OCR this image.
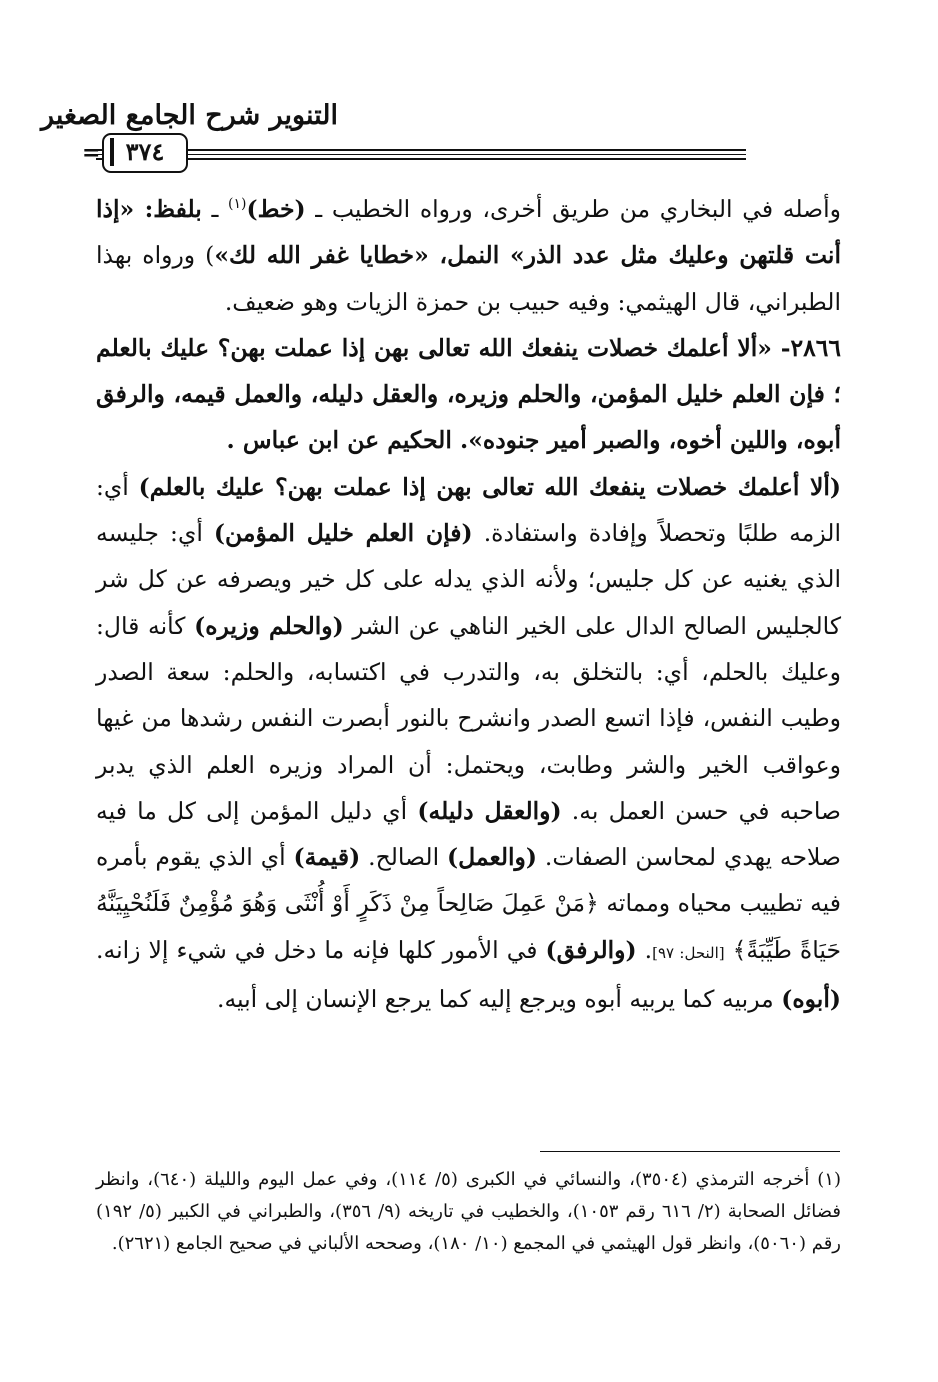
التنوير شرح الجامع الصغير
=	٣٧٤

وأصله في البخاري من طريق أخرى، ورواه الخطيب ـ (خط)$^{(١)}$ ـ بلفظ: «إذا أنت قلتهن وعليك مثل عدد الذر» النمل، «خطايا غفر الله لك») ورواه بهذا الطبراني، قال الهيثمي: وفيه حبيب بن حمزة الزيات وهو ضعيف.

٢٨٦٦- «ألا أعلمك خصلات ينفعك الله تعالى بهن إذا عملت بهن؟ عليك بالعلم ؛ فإن العلم خليل المؤمن، والحلم وزيره، والعقل دليله، والعمل قيمه، والرفق أبوه، واللين أخوه، والصبر أمير جنوده». الحكيم عن ابن عباس .

(ألا أعلمك خصلات ينفعك الله تعالى بهن إذا عملت بهن؟ عليك بالعلم) أي: الزمه طلبًا وتحصلاً وإفادة واستفادة. (فإن العلم خليل المؤمن) أي: جليسه الذي يغنيه عن كل جليس؛ ولأنه الذي يدله على كل خير ويصرفه عن كل شر كالجليس الصالح الدال على الخير الناهي عن الشر (والحلم وزيره) كأنه قال: وعليك بالحلم، أي: بالتخلق به، والتدرب في اكتسابه، والحلم: سعة الصدر وطيب النفس، فإذا اتسع الصدر وانشرح بالنور أبصرت النفس رشدها من غيها وعواقب الخير والشر وطابت، ويحتمل: أن المراد وزيره العلم الذي يدبر صاحبه في حسن العمل به. (والعقل دليله) أي دليل المؤمن إلى كل ما فيه صلاحه يهدي لمحاسن الصفات. (والعمل) الصالح. (قيمة) أي الذي يقوم بأمره فيه تطييب محياه ومماته ﴿مَنْ عَمِلَ صَالِحاً مِنْ ذَكَرٍ أَوْ أُنْثَى وَهُوَ مُؤْمِنٌ فَلَنُحْيِيَنَّهُ حَيَاةً طَيِّبَةً﴾ [النحل: ٩٧]. (والرفق) في الأمور كلها فإنه ما دخل في شيء إلا زانه. (أبوه) مربيه كما يربيه أبوه ويرجع إليه كما يرجع الإنسان إلى أبيه.

(١) أخرجه الترمذي (٣٥٠٤)، والنسائي في الكبرى (٥/ ١١٤)، وفي عمل اليوم والليلة (٦٤٠)، وانظر فضائل الصحابة (٢/ ٦١٦ رقم ١٠٥٣)، والخطيب في تاريخه (٩/ ٣٥٦)، والطبراني في الكبير (٥/ ١٩٢) رقم (٥٠٦٠)، وانظر قول الهيثمي في المجمع (١٠/ ١٨٠)، وصححه الألباني في صحيح الجامع (٢٦٢١).
